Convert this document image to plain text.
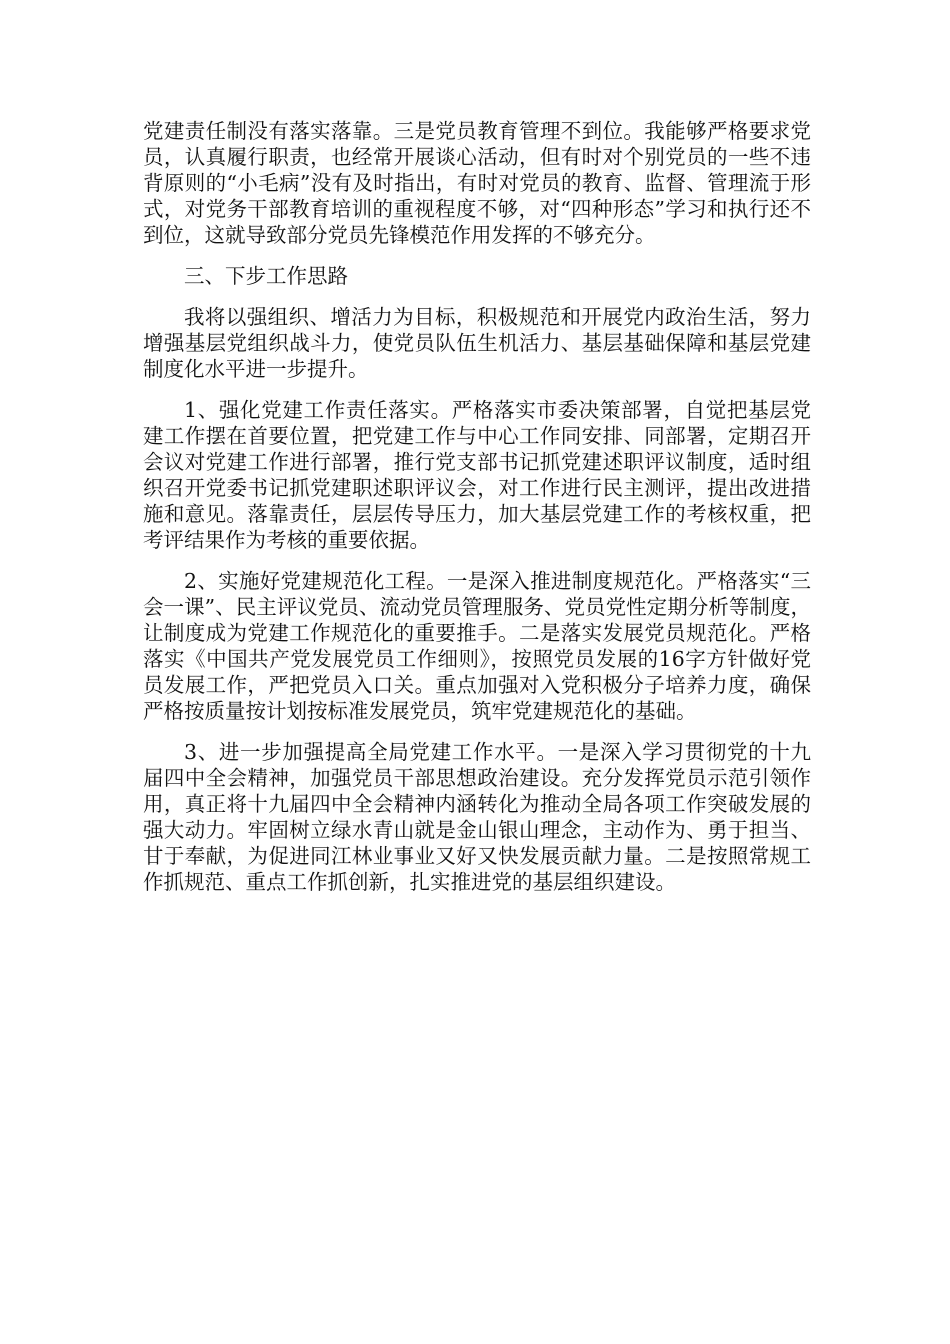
党建责任制没有落实落靠。三是党员教育管理不到位。我能够严格要求党员，认真履行职责，也经常开展谈心活动，但有时对个别党员的一些不违背原则的“小毛病”没有及时指出，有时对党员的教育、监督、管理流于形式，对党务干部教育培训的重视程度不够，对“四种形态”学习和执行还不到位，这就导致部分党员先锋模范作用发挥的不够充分。

三、下步工作思路

我将以强组织、增活力为目标，积极规范和开展党内政治生活，努力增强基层党组织战斗力，使党员队伍生机活力、基层基础保障和基层党建制度化水平进一步提升。

1、强化党建工作责任落实。严格落实市委决策部署，自觉把基层党建工作摆在首要位置，把党建工作与中心工作同安排、同部署，定期召开会议对党建工作进行部署，推行党支部书记抓党建述职评议制度，适时组织召开党委书记抓党建职述职评议会，对工作进行民主测评，提出改进措施和意见。落靠责任，层层传导压力，加大基层党建工作的考核权重，把考评结果作为考核的重要依据。

2、实施好党建规范化工程。一是深入推进制度规范化。严格落实“三会一课”、民主评议党员、流动党员管理服务、党员党性定期分析等制度，让制度成为党建工作规范化的重要推手。二是落实发展党员规范化。严格落实《中国共产党发展党员工作细则》，按照党员发展的16字方针做好党员发展工作，严把党员入口关。重点加强对入党积极分子培养力度，确保严格按质量按计划按标准发展党员，筑牢党建规范化的基础。

3、进一步加强提高全局党建工作水平。一是深入学习贯彻党的十九届四中全会精神，加强党员干部思想政治建设。充分发挥党员示范引领作用，真正将十九届四中全会精神内涵转化为推动全局各项工作突破发展的强大动力。牢固树立绿水青山就是金山银山理念，主动作为、勇于担当、甘于奉献，为促进同江林业事业又好又快发展贡献力量。二是按照常规工作抓规范、重点工作抓创新，扎实推进党的基层组织建设。
